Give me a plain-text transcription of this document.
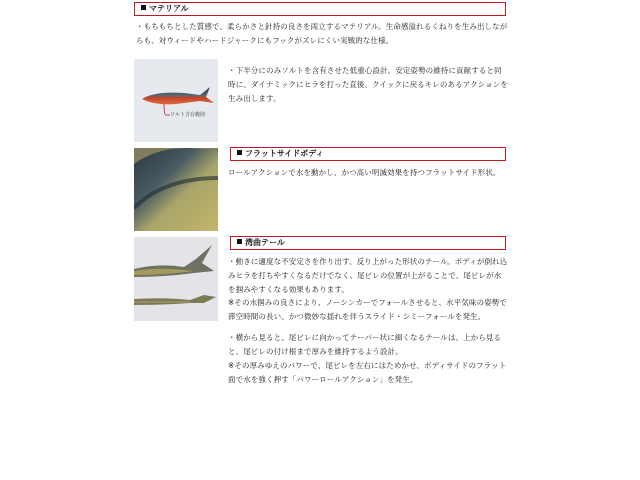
マテリアル
・もちもちとした質感で、柔らかさと針持の良さを両立するマテリアル。生命感溢れるくねりを生み出しながらも、対ウィードやハードジャークにもフックがズレにくい実戦的な仕様。
ソルト含有範囲
・下半分にのみソルトを含有させた低重心設計。安定姿勢の維持に貢献すると同時に、ダイナミックにヒラを打った直後、クイックに戻るキレのあるアクションを生み出します。
フラットサイドボディ
ロールアクションで水を動かし、かつ高い明滅効果を持つフラットサイド形状。
湾曲テール
・動きに適度な不安定さを作り出す、反り上がった形状のテール。ボディが倒れ込みヒラを打ちやすくなるだけでなく、尾ビレの位置が上がることで、尾ビレが水を掴みやすくなる効果もあります。
※その水掴みの良さにより、ノーシンカーでフォールさせると、水平気味の姿勢で滞空時間の長い、かつ微妙な揺れを伴うスライド・シミーフォールを発生。
・横から見ると、尾ビレに向かってテーパー状に細くなるテールは、上から見ると、尾ビレの付け根まで厚みを維持するよう設計。
※その厚みゆえのパワーで、尾ビレを左右にはためかせ、ボディサイドのフラット面で水を強く押す「パワーロールアクション」を発生。
